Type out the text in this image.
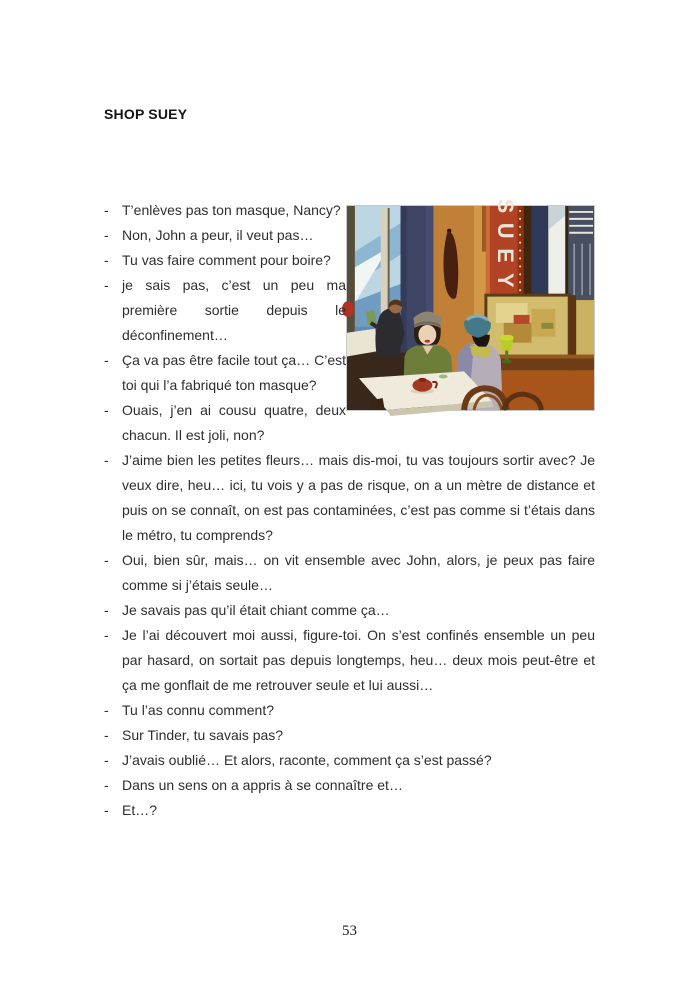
SHOP SUEY
S
U
E
Y
- T’enlèves pas ton masque, Nancy?
- Non, John a peur, il veut pas…
- Tu vas faire comment pour boire?
- je sais pas, c’est un peu ma première sortie depuis le déconfinement…
- Ça va pas être facile tout ça… C’est toi qui l’a fabriqué ton masque?
- Ouais, j’en ai cousu quatre, deux chacun. Il est joli, non?
- J’aime bien les petites fleurs… mais dis-moi, tu vas toujours sortir avec? Je veux dire, heu… ici, tu vois y a pas de risque, on a un mètre de distance et puis on se connaît, on est pas contaminées, c’est pas comme si t’étais dans le métro, tu comprends?
- Oui, bien sûr, mais… on vit ensemble avec John, alors, je peux pas faire comme si j’étais seule…
- Je savais pas qu’il était chiant comme ça…
- Je l’ai découvert moi aussi, figure-toi. On s’est confinés ensemble un peu par hasard, on sortait pas depuis longtemps, heu… deux mois peut-être et ça me gonflait de me retrouver seule et lui aussi…
- Tu l’as connu comment?
- Sur Tinder, tu savais pas?
- J’avais oublié… Et alors, raconte, comment ça s’est passé?
- Dans un sens on a appris à se connaître et…
- Et…?
53
